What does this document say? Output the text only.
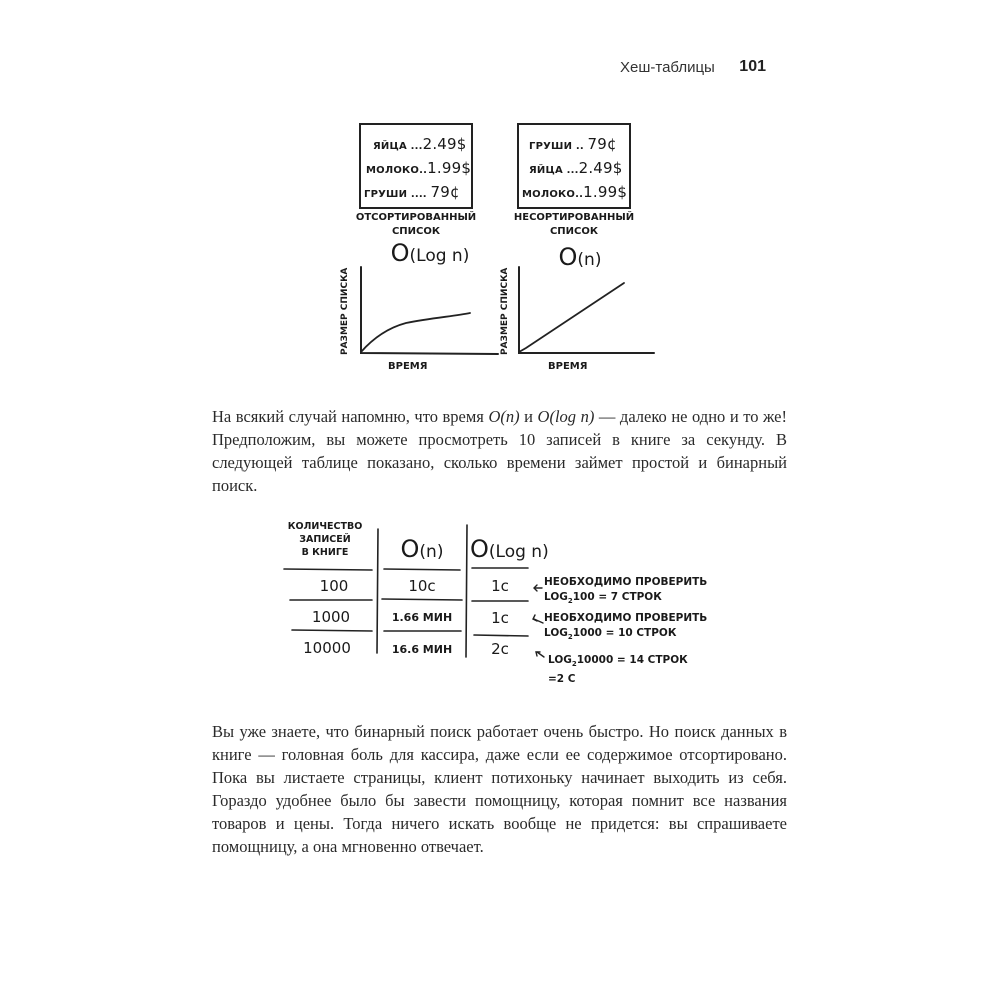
Хеш-таблицы 101
ЯЙЦА ...2.49$
МОЛОКО..1.99$
ГРУШИ .... 79¢
ГРУШИ .. 79¢
ЯЙЦА ...2.49$
МОЛОКО..1.99$
ОТСОРТИРОВАННЫЙ
СПИСОК
НЕСОРТИРОВАННЫЙ
СПИСОК
O(Log n)	O(n)
РАЗМЕР СПИСКА
ВРЕМЯ
РАЗМЕР СПИСКА
ВРЕМЯ

На всякий случай напомню, что время O(n) и O(log n) — далеко не одно и то же! Предположим, вы можете просмотреть 10 записей в книге за секунду. В следующей таблице показано, сколько времени займет простой и бинарный поиск.

КОЛИЧЕСТВО
ЗАПИСЕЙ
В КНИГЕ	O(n)	O(Log n)
100	10с	1с
1000	1.66 МИН	1с
10000	16.6 МИН	2с
НЕОБХОДИМО ПРОВЕРИТЬ
$LOG_2100 = 7$ СТРОК
НЕОБХОДИМО ПРОВЕРИТЬ
$LOG_21000 = 10$ СТРОК
$LOG_210000 = 14$ СТРОК
=2 С

Вы уже знаете, что бинарный поиск работает очень быстро. Но поиск данных в книге — головная боль для кассира, даже если ее содержимое отсортировано. Пока вы листаете страницы, клиент потихоньку начинает выходить из себя. Гораздо удобнее было бы завести помощницу, которая помнит все названия товаров и цены. Тогда ничего искать вообще не придется: вы спрашиваете помощницу, а она мгновенно отвечает.
